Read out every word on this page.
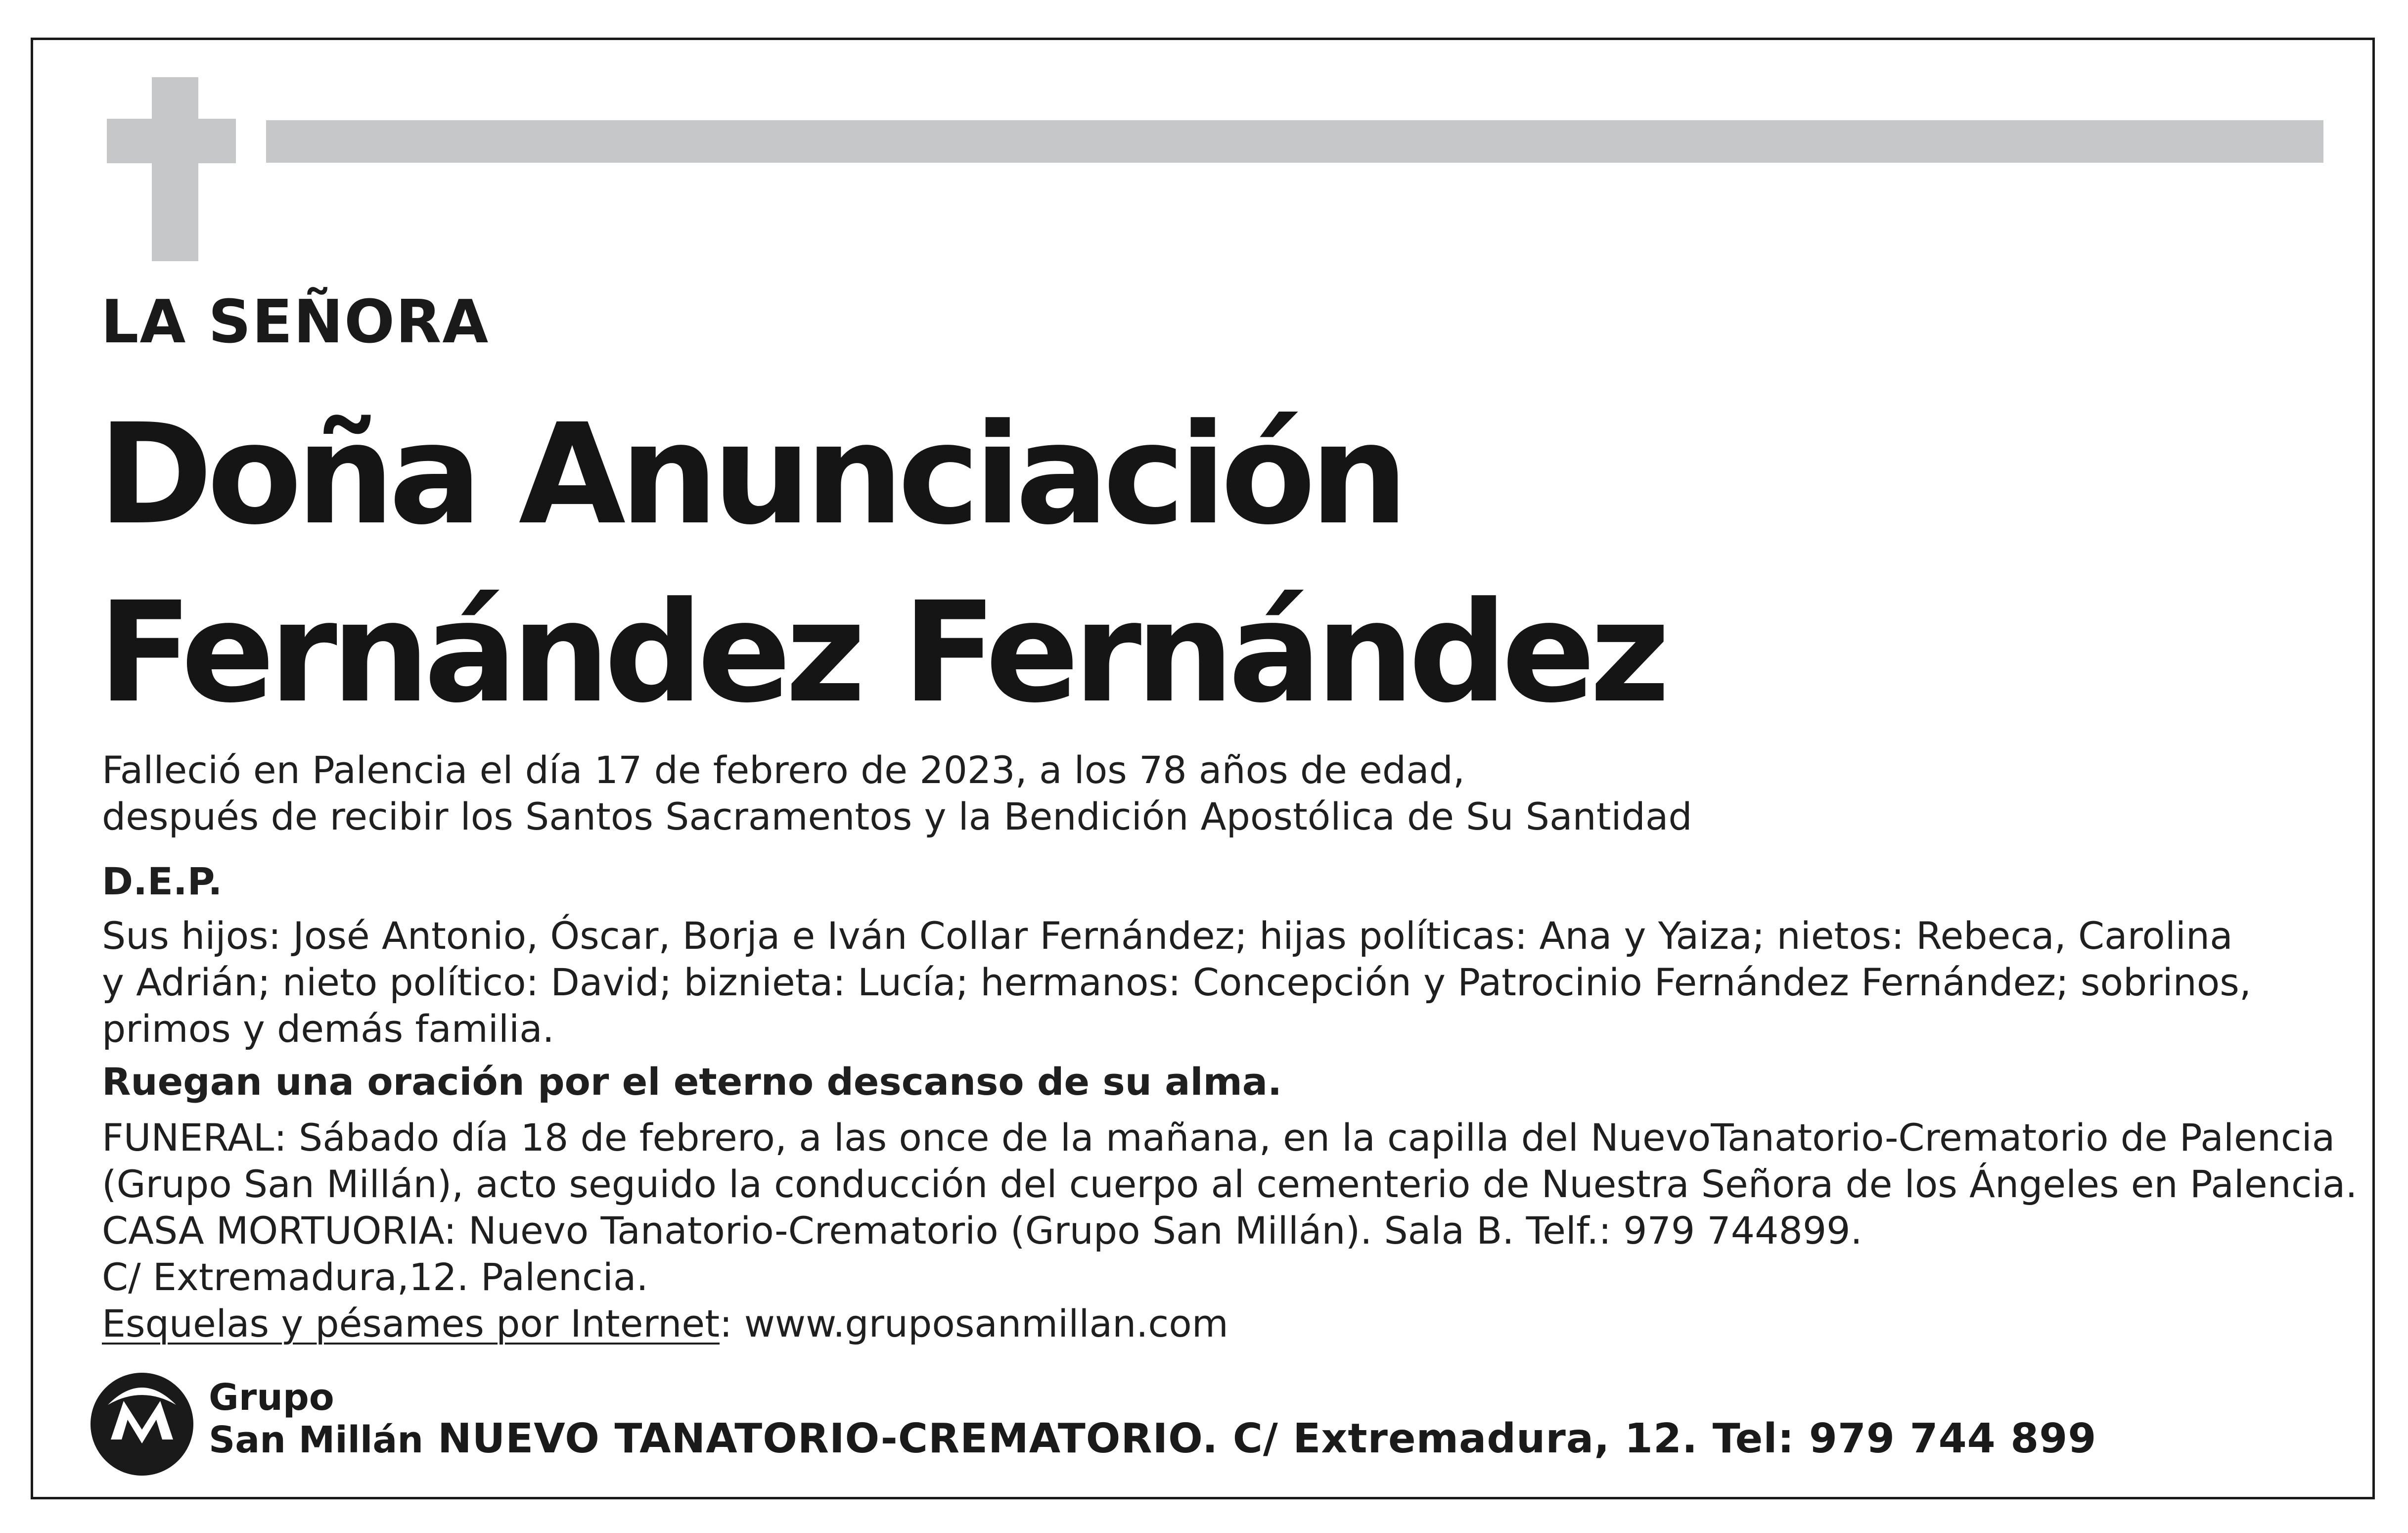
LA SEÑORA
Doña Anunciación
Fernández Fernández
Falleció en Palencia el día 17 de febrero de 2023, a los 78 años de edad,
después de recibir los Santos Sacramentos y la Bendición Apostólica de Su Santidad
D.E.P.
Sus hijos: José Antonio, Óscar, Borja e Iván Collar Fernández; hijas políticas: Ana y Yaiza; nietos: Rebeca, Carolina
y Adrián; nieto político: David; biznieta: Lucía; hermanos: Concepción y Patrocinio Fernández Fernández; sobrinos,
primos y demás familia.
Ruegan una oración por el eterno descanso de su alma.
FUNERAL: Sábado día 18 de febrero, a las once de la mañana, en la capilla del NuevoTanatorio-Crematorio de Palencia
(Grupo San Millán), acto seguido la conducción del cuerpo al cementerio de Nuestra Señora de los Ángeles en Palencia.
CASA MORTUORIA: Nuevo Tanatorio-Crematorio (Grupo San Millán). Sala B. Telf.: 979 744899.
C/ Extremadura,12. Palencia.
Esquelas y pésames por Internet: www.gruposanmillan.com
Grupo
San Millán NUEVO TANATORIO-CREMATORIO. C/ Extremadura, 12. Tel: 979 744 899
